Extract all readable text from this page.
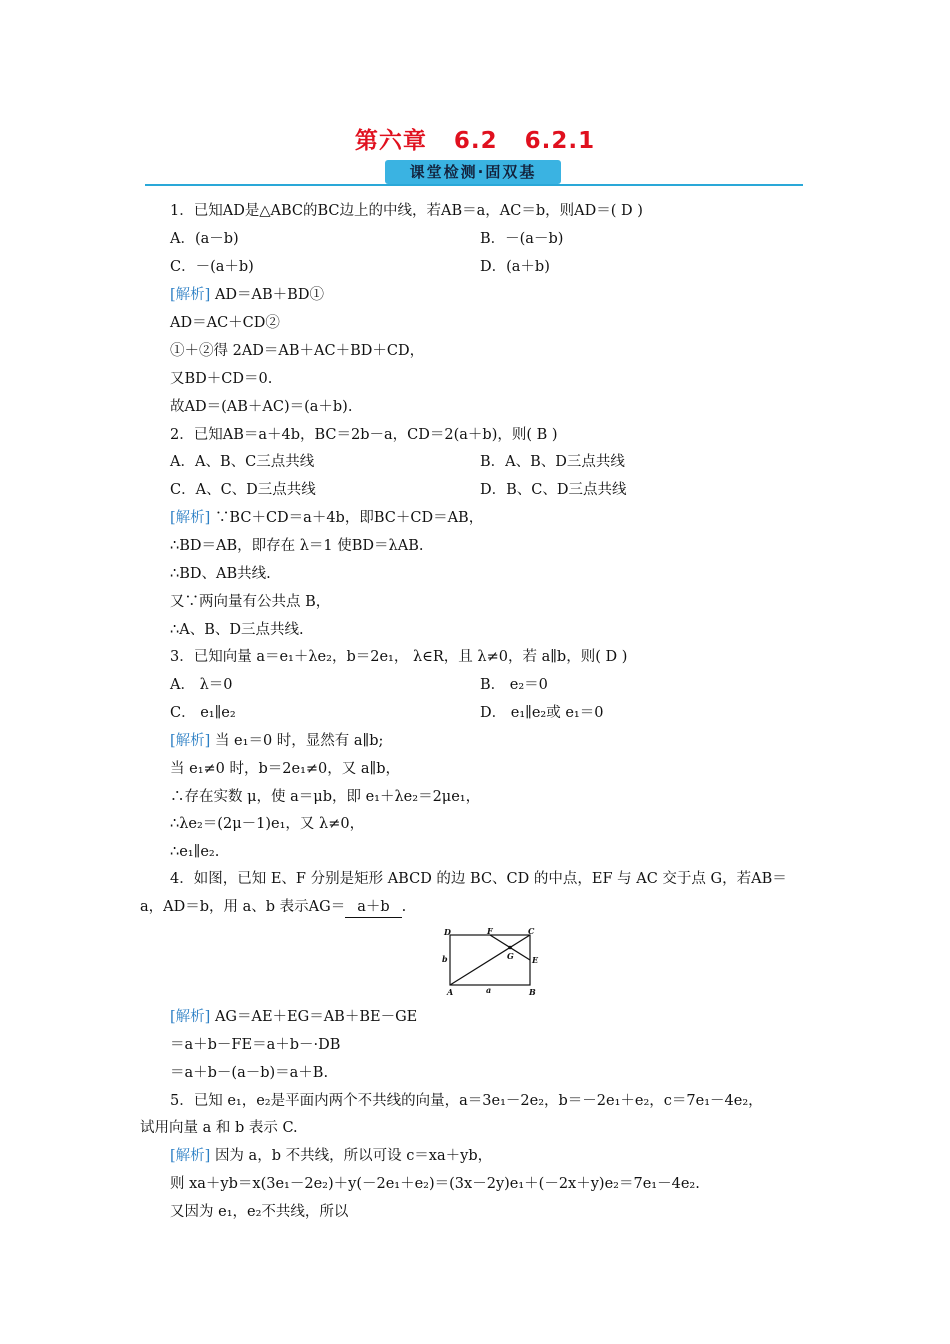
第六章   6.2   6.2.1
课堂检测·固双基
1．已知AD是△ABC的BC边上的中线，若AB＝a，AC＝b，则AD＝( D )
A．(a－b)	B．－(a－b)
C．－(a＋b)	D．(a＋b)
[解析] AD＝AB＋BD①
AD＝AC＋CD②
①＋②得 2AD＝AB＋AC＋BD＋CD，
又BD＋CD＝0.
故AD＝(AB＋AC)＝(a＋b).
2．已知AB＝a＋4b，BC＝2b－a，CD＝2(a＋b)，则( B )
A．A、B、C三点共线	B．A、B、D三点共线
C．A、C、D三点共线	D．B、C、D三点共线
[解析] ∵BC＋CD＝a＋4b，即BC＋CD＝AB，
∴BD＝AB，即存在 λ＝1 使BD＝λAB.
∴BD、AB共线.
又∵两向量有公共点 B，
∴A、B、D三点共线.
3．已知向量 a＝e₁＋λe₂，b＝2e₁， λ∈R，且 λ≠0，若 a∥b，则( D )
A． λ＝0	B． e₂＝0
C． e₁∥e₂	D． e₁∥e₂或 e₁＝0
[解析] 当 e₁＝0 时，显然有 a∥b;
当 e₁≠0 时，b＝2e₁≠0，又 a∥b，
∴存在实数 μ，使 a＝μb，即 e₁＋λe₂＝2μe₁，
∴λe₂＝(2μ－1)e₁，又 λ≠0，
∴e₁∥e₂.
4．如图，已知 E、F 分别是矩形 ABCD 的边 BC、CD 的中点，EF 与 AC 交于点 G，若AB＝
a，AD＝b，用 a、b 表示AG＝ a＋b .
D	F	C
G E
A	B
a
b
[解析] AG＝AE＋EG＝AB＋BE－GE
＝a＋b－FE＝a＋b－·DB
＝a＋b－(a－b)＝a＋B.
5．已知 e₁，e₂是平面内两个不共线的向量，a＝3e₁－2e₂，b＝－2e₁＋e₂，c＝7e₁－4e₂，
试用向量 a 和 b 表示 C.
[解析] 因为 a，b 不共线，所以可设 c＝xa＋yb，
则 xa＋yb＝x(3e₁－2e₂)＋y(－2e₁＋e₂)＝(3x－2y)e₁＋(－2x＋y)e₂＝7e₁－4e₂.
又因为 e₁，e₂不共线，所以
